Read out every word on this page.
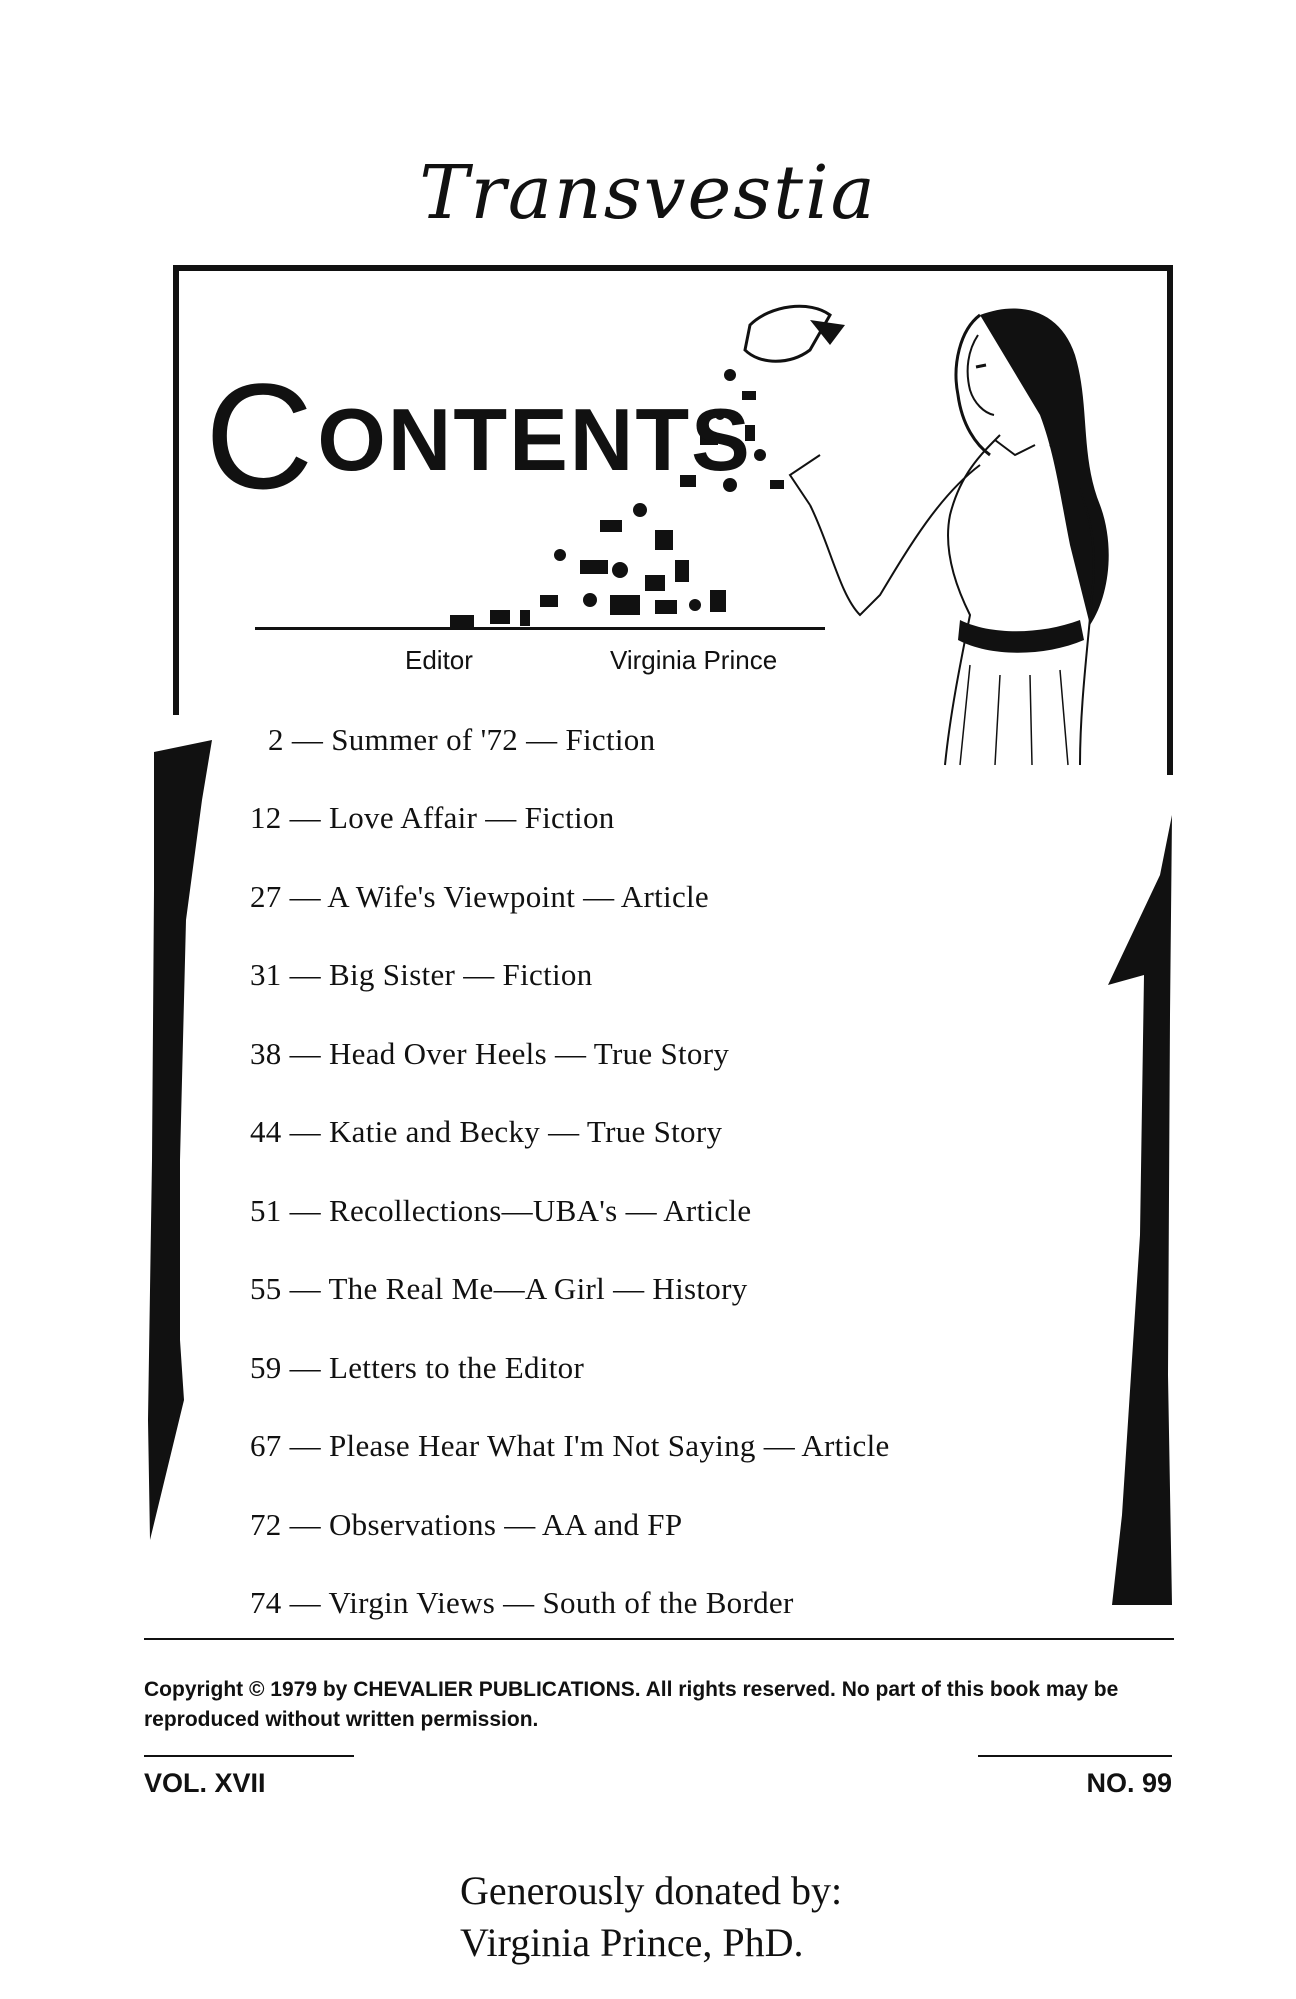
Transvestia
CONTENTS
Editor	Virginia Prince
2 — Summer of '72 — Fiction
12 — Love Affair — Fiction
27 — A Wife's Viewpoint — Article
31 — Big Sister — Fiction
38 — Head Over Heels — True Story
44 — Katie and Becky — True Story
51 — Recollections—UBA's — Article
55 — The Real Me—A Girl — History
59 — Letters to the Editor
67 — Please Hear What I'm Not Saying — Article
72 — Observations — AA and FP
74 — Virgin Views — South of the Border
Copyright © 1979 by CHEVALIER PUBLICATIONS. All rights reserved. No part of this book may be reproduced without written permission.
VOL. XVII	NO. 99
Generously donated by:
Virginia Prince, PhD.
